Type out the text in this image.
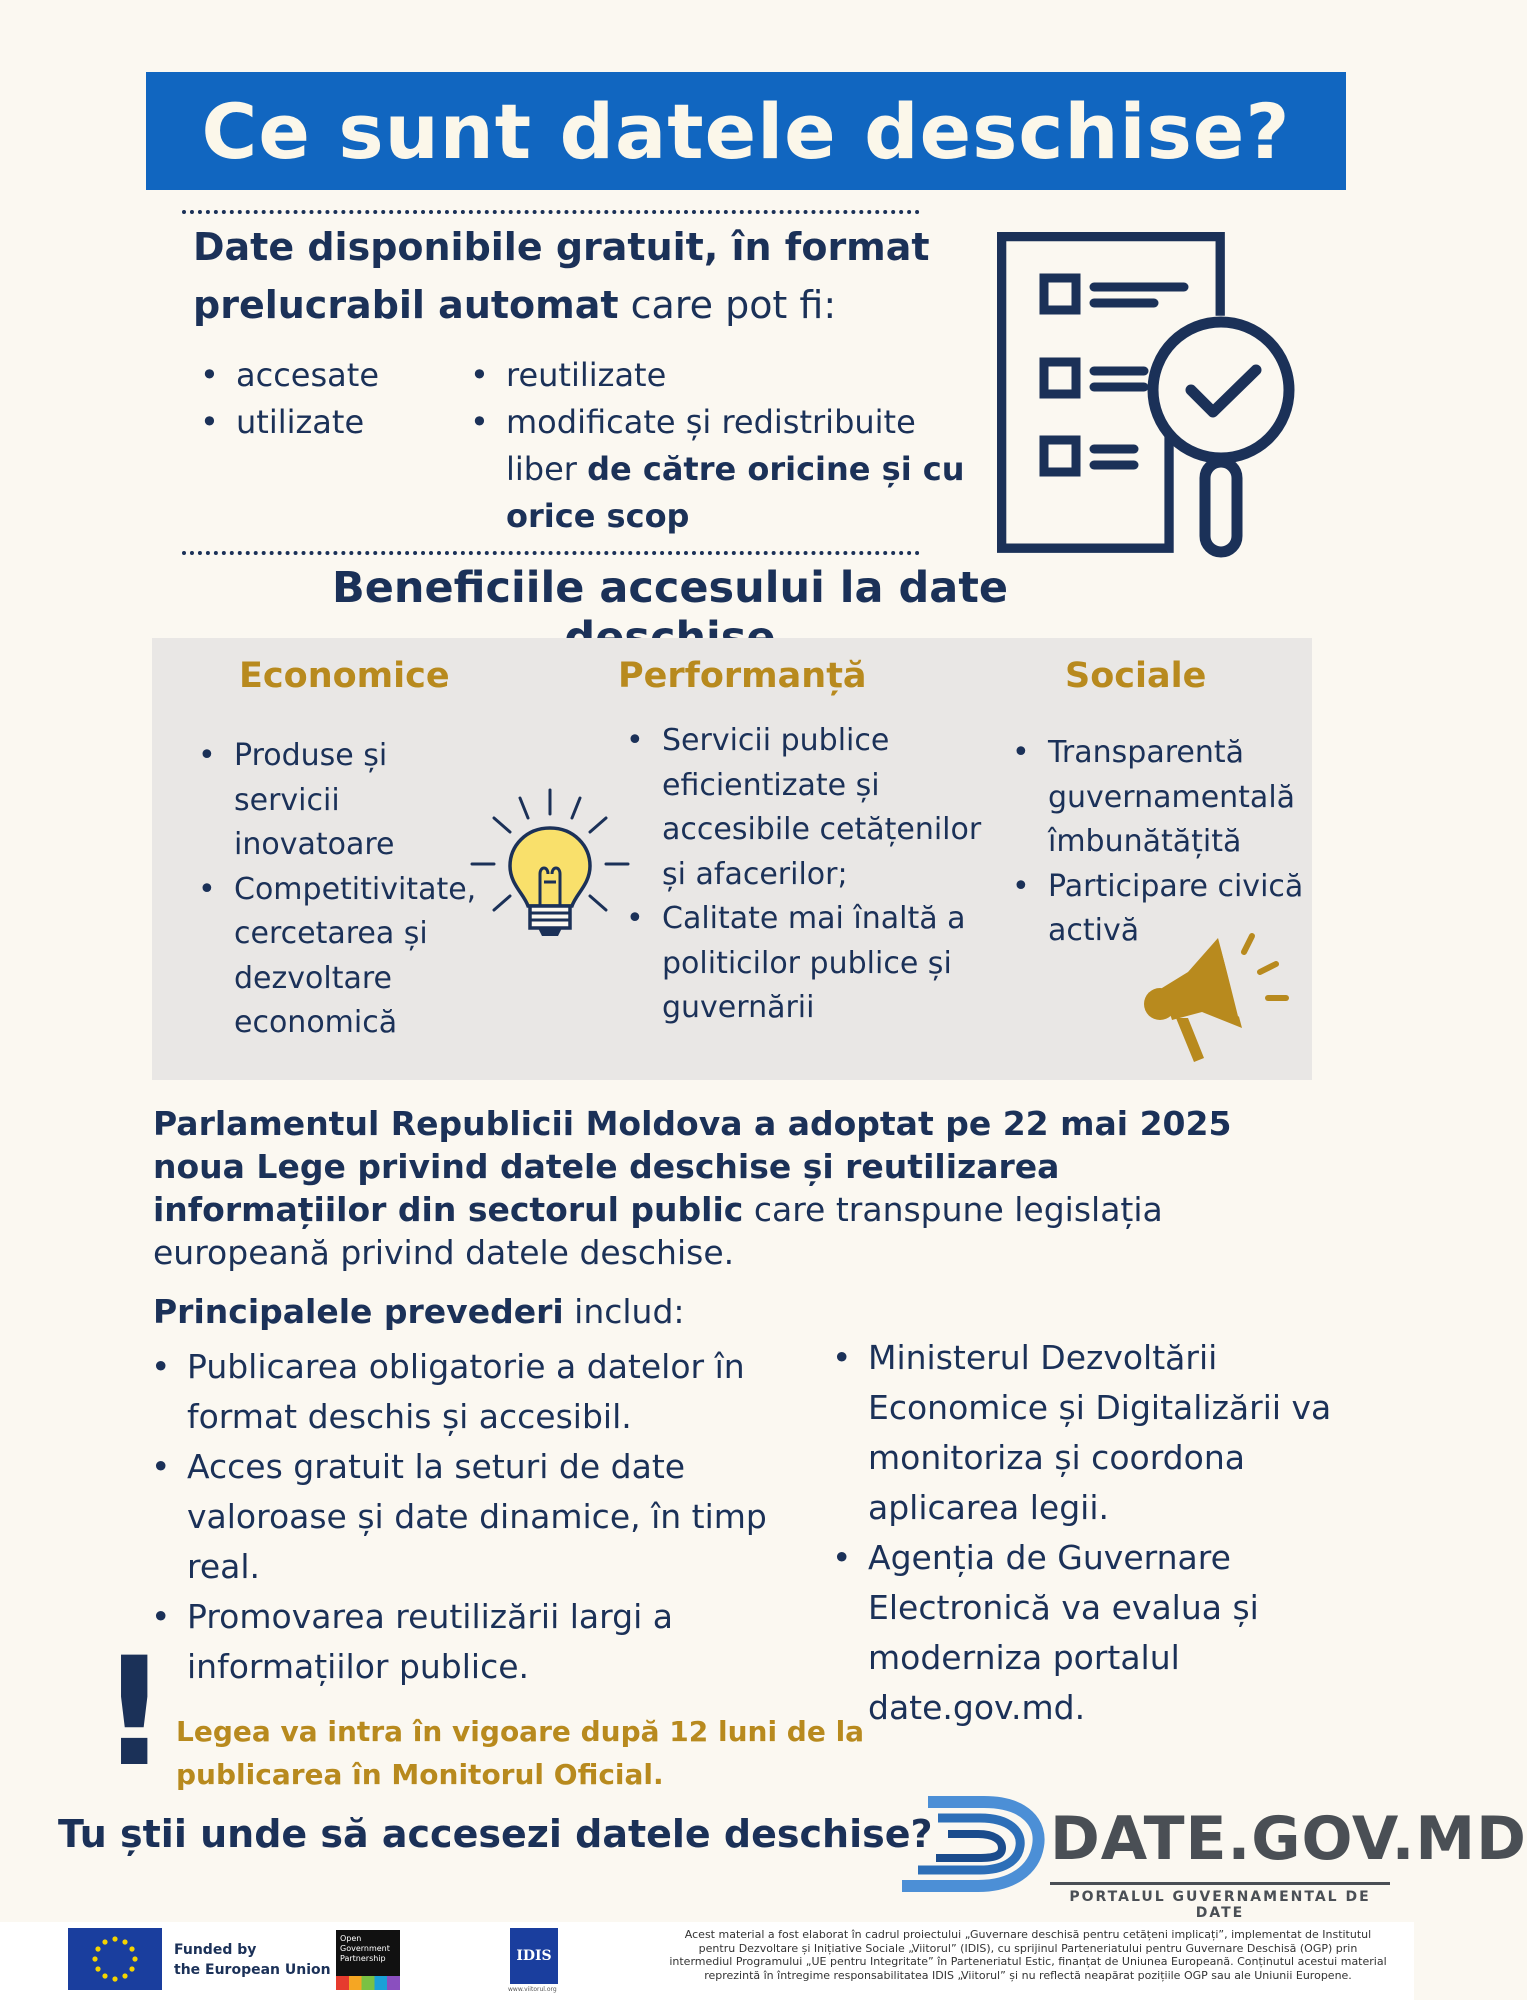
Ce sunt datele deschise?
Date disponibile gratuit, în format prelucrabil automat care pot fi:
• accesate
• utilizate
• reutilizate
• modificate și redistribuite liber de către oricine și cu orice scop
Beneficiile accesului la date
Economice
• Produse și servicii inovatoare
• Competitivitate, cercetarea și dezvoltare economică
Performanță
• Servicii publice eficientizate și accesibile cetățenilor și afacerilor;
• Calitate mai înaltă a politicilor publice și guvernării
Sociale
• Transparentă guvernamentală îmbunătățită
• Participare civică activă
Parlamentul Republicii Moldova a adoptat pe 22 mai 2025 noua Lege privind datele deschise și reutilizarea informațiilor din sectorul public care transpune legislația europeană privind datele deschise.
Principalele prevederi includ:
• Publicarea obligatorie a datelor în format deschis și accesibil.
• Acces gratuit la seturi de date valoroase și date dinamice, în timp real.
• Promovarea reutilizării largi a informațiilor publice.
• Ministerul Dezvoltării Economice și Digitalizării va monitoriza și coordona aplicarea legii.
• Agenția de Guvernare Electronică va evalua și moderniza portalul date.gov.md.
! Legea va intra în vigoare după 12 luni de la publicarea în Monitorul Oficial.
Tu știi unde să accesezi datele deschise? DATE.GOV.MD
PORTALUL GUVERNAMENTAL DE DATE
Funded by
the European Union
Open Government Partnership	IDIS
www.viitorul.org
Acest material a fost elaborat în cadrul proiectului „Guvernare deschisă pentru cetățeni implicați”, implementat de Institutul pentru Dezvoltare și Inițiative Sociale „Viitorul” (IDIS), cu sprijinul Parteneriatului pentru Guvernare Deschisă (OGP) prin intermediul Programului „UE pentru Integritate” în Parteneriatul Estic, finanțat de Uniunea Europeană. Conținutul acestui material reprezintă în întregime responsabilitatea IDIS „Viitorul” și nu reflectă neapărat pozițiile OGP sau ale Uniunii Europene.
